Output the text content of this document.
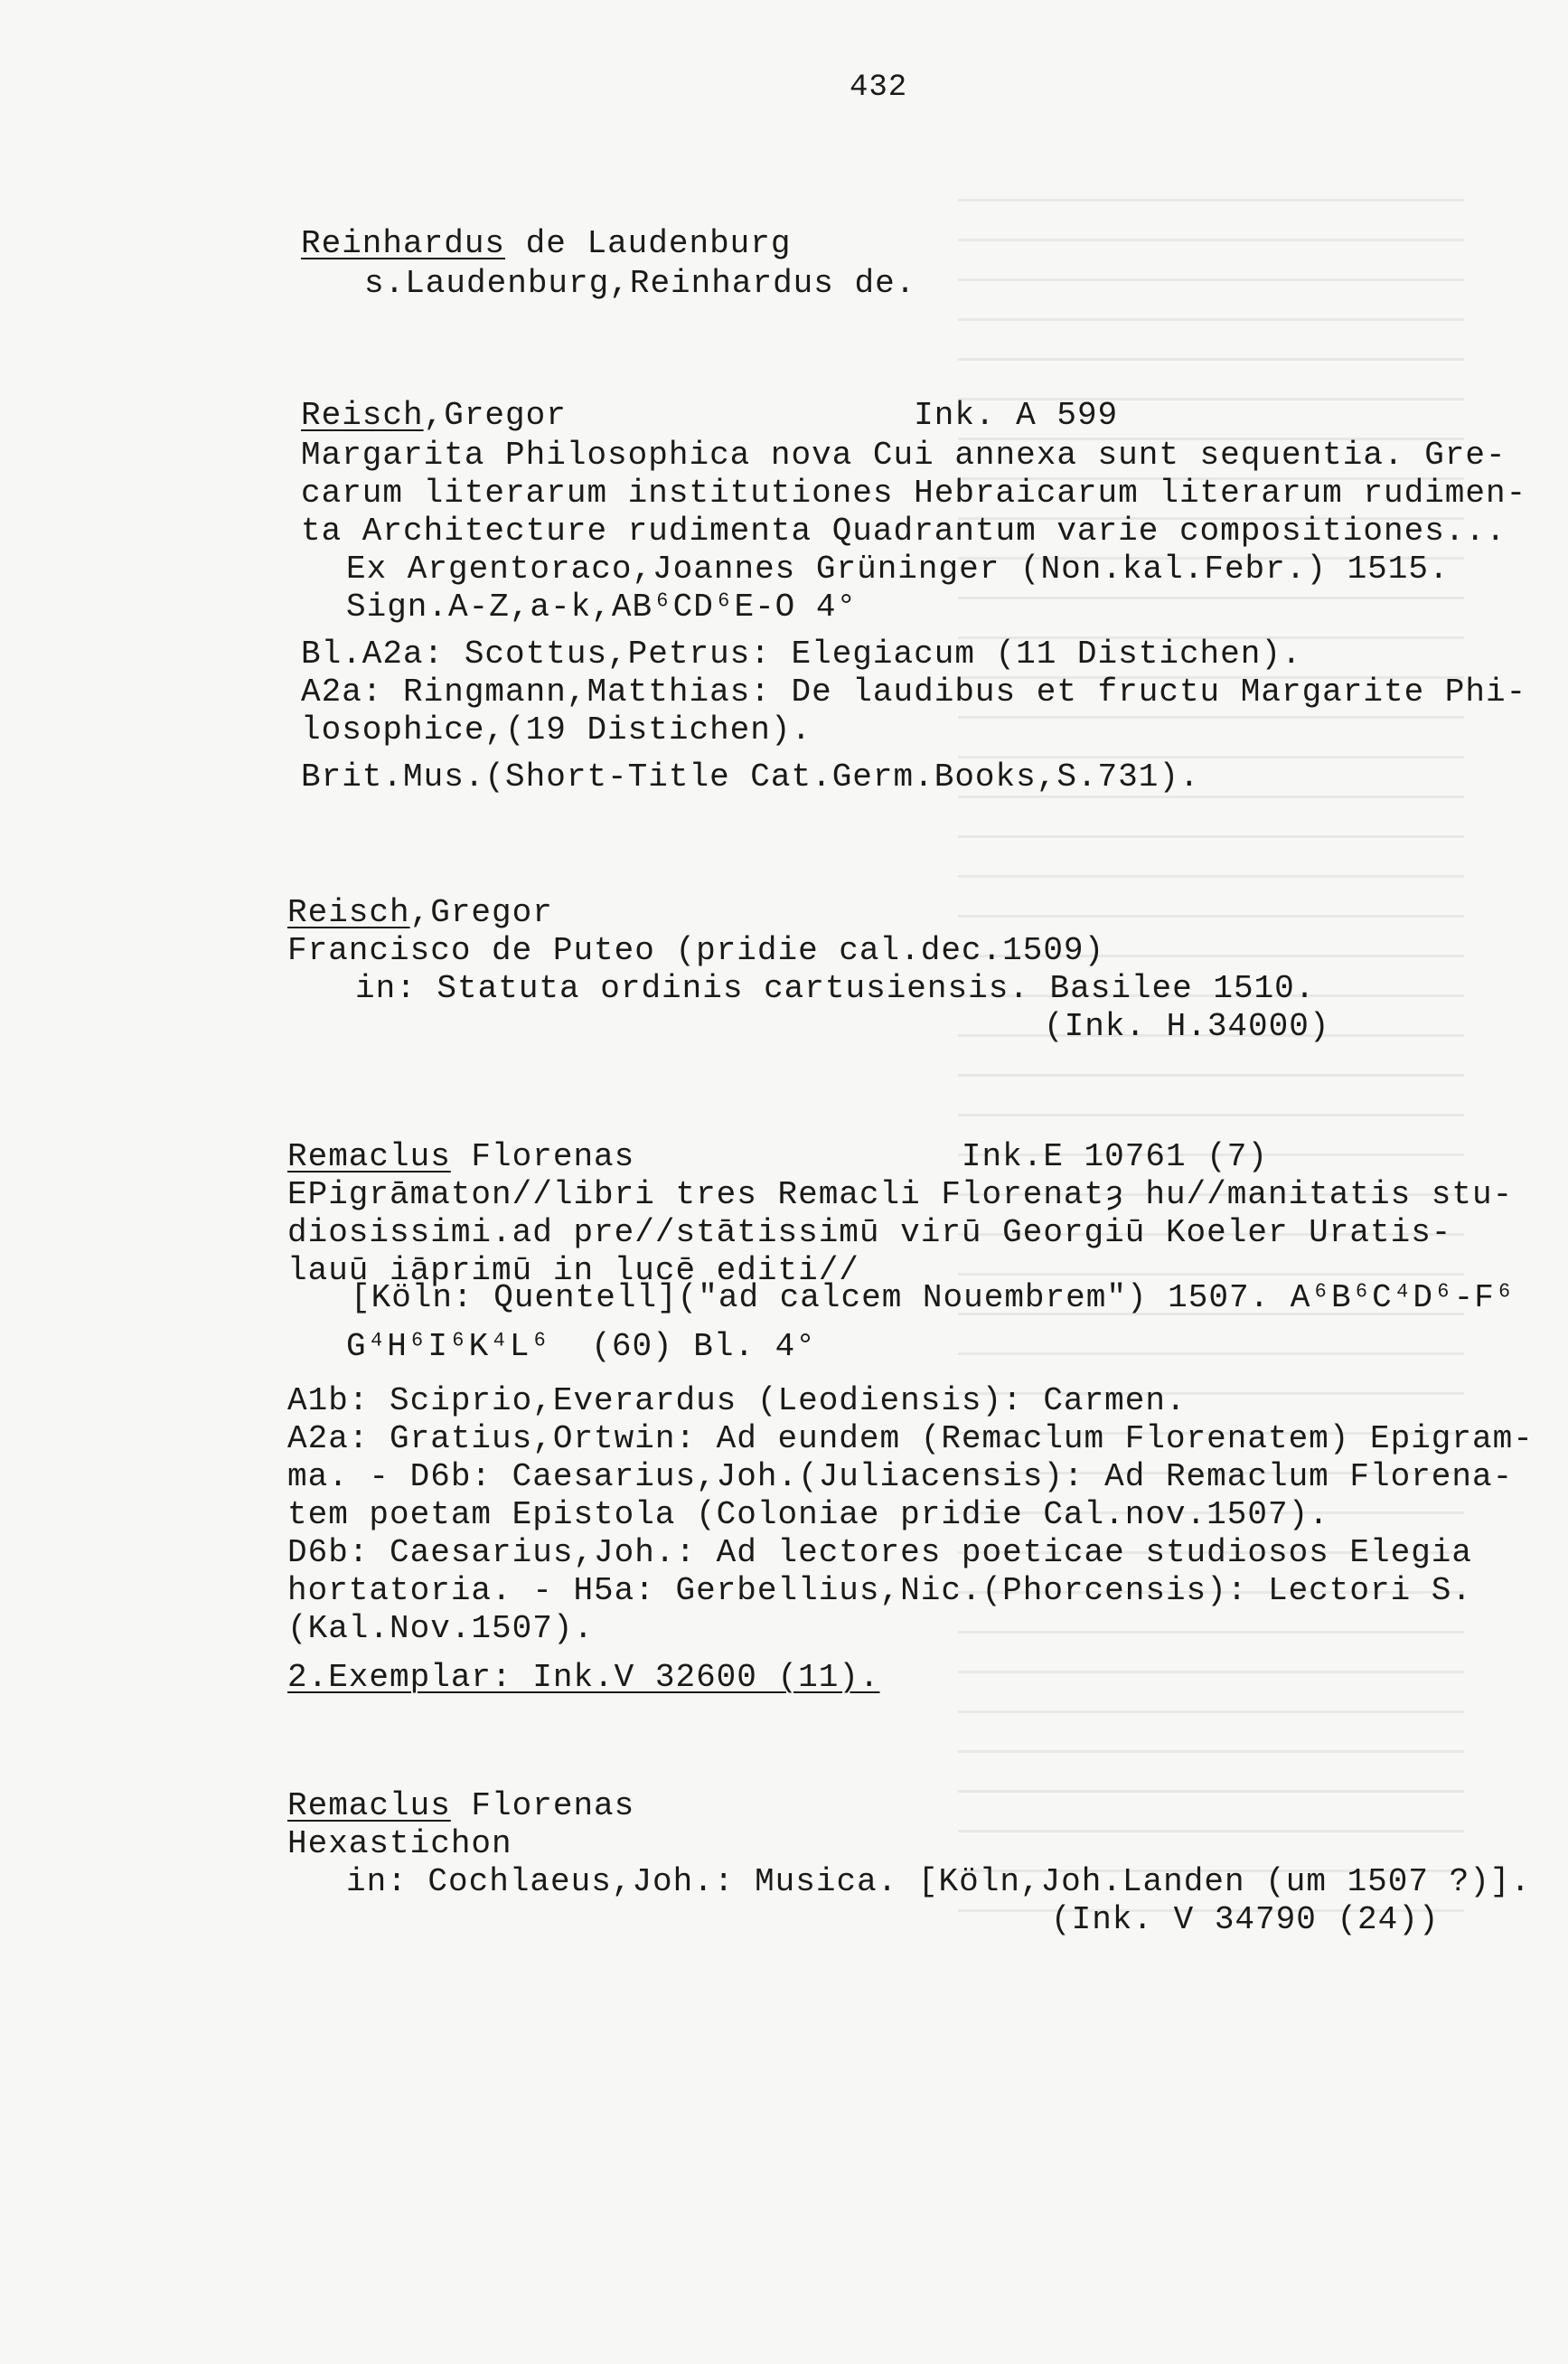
432
Reinhardus de Laudenburg
s.Laudenburg,Reinhardus de.
Reisch,Gregor                 Ink. A 599
Margarita Philosophica nova Cui annexa sunt sequentia. Gre-
carum literarum institutiones Hebraicarum literarum rudimen-
ta Architecture rudimenta Quadrantum varie compositiones...
Ex Argentoraco,Joannes Grüninger (Non.kal.Febr.) 1515.
Sign.A-Z,a-k,AB⁶CD⁶E-O 4°
Bl.A2a: Scottus,Petrus: Elegiacum (11 Distichen).
A2a: Ringmann,Matthias: De laudibus et fructu Margarite Phi-
losophice,(19 Distichen).
Brit.Mus.(Short-Title Cat.Germ.Books,S.731).
Reisch,Gregor
Francisco de Puteo (pridie cal.dec.1509)
in: Statuta ordinis cartusiensis. Basilee 1510.
(Ink. H.34000)
Remaclus Florenas                Ink.E 10761 (7)
EPigrāmaton//libri tres Remacli Florenatȝ hu//manitatis stu-
diosissimi.ad pre//stātissimū virū Georgiū Koeler Uratis-
lauū iāprimū in lucē editi//
[Köln: Quentell]("ad calcem Nouembrem") 1507. A⁶B⁶C⁴D⁶-F⁶
G⁴H⁶I⁶K⁴L⁶  (60) Bl. 4°
A1b: Sciprio,Everardus (Leodiensis): Carmen.
A2a: Gratius,Ortwin: Ad eundem (Remaclum Florenatem) Epigram-
ma. - D6b: Caesarius,Joh.(Juliacensis): Ad Remaclum Florena-
tem poetam Epistola (Coloniae pridie Cal.nov.1507).
D6b: Caesarius,Joh.: Ad lectores poeticae studiosos Elegia
hortatoria. - H5a: Gerbellius,Nic.(Phorcensis): Lectori S.
(Kal.Nov.1507).
2.Exemplar: Ink.V 32600 (11).
Remaclus Florenas
Hexastichon
in: Cochlaeus,Joh.: Musica. [Köln,Joh.Landen (um 1507 ?)].
(Ink. V 34790 (24))
